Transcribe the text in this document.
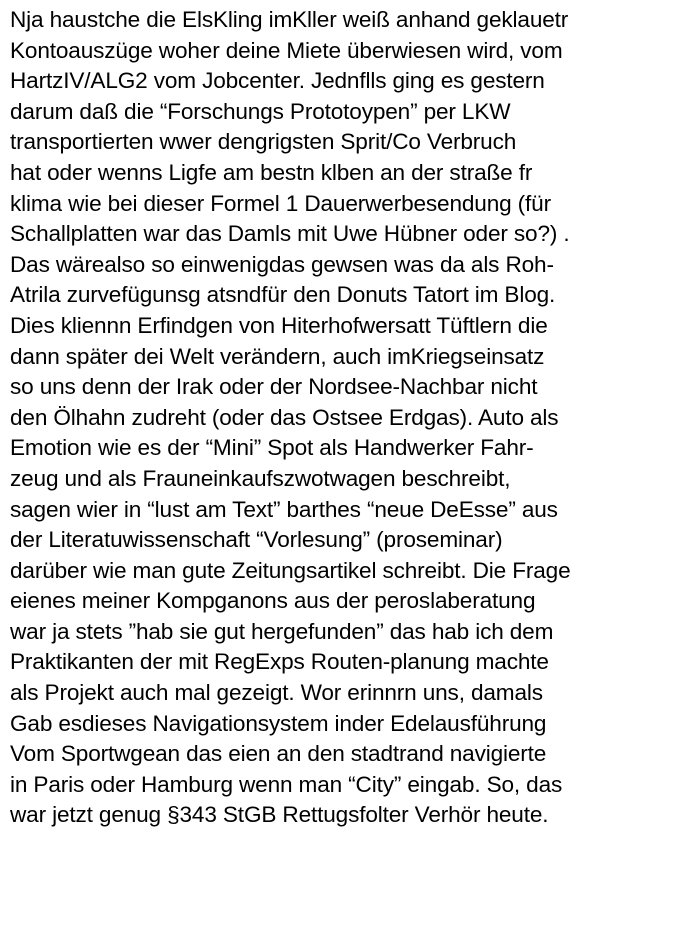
Nja haustche die ElsKling imKller weiß anhand geklauetr
Kontoauszüge woher deine Miete überwiesen wird, vom
HartzIV/ALG2 vom Jobcenter. Jednflls ging es gestern
darum daß die “Forschungs Prototoypen” per LKW
transportierten wwer dengrigsten Sprit/Co Verbruch
hat oder wenns Ligfe am bestn klben an der straße fr
klima wie bei dieser Formel 1 Dauerwerbesendung (für
Schallplatten war das Damls mit Uwe Hübner oder so?) .
Das wärealso so einwenigdas gewsen was da als Roh-
Atrila zurvefügunsg atsndfür den Donuts Tatort im Blog.
Dies kliennn Erfindgen von Hiterhofwersatt Tüftlern die
dann später dei Welt verändern, auch imKriegseinsatz
so uns denn der Irak oder der Nordsee-Nachbar nicht
den Ölhahn zudreht (oder das Ostsee Erdgas). Auto als
Emotion wie es der “Mini” Spot als Handwerker Fahr-
zeug und als Frauneinkaufszwotwagen beschreibt,
sagen wier in “lust am Text” barthes “neue DeEsse” aus
der Literatuwissenschaft “Vorlesung” (proseminar)
darüber wie man gute Zeitungsartikel schreibt. Die Frage
eienes meiner Kompganons aus der peroslaberatung
war ja stets ”hab sie gut hergefunden” das hab ich dem
Praktikanten der mit RegExps Routen-planung machte
als Projekt auch mal gezeigt. Wor erinnrn uns, damals
Gab esdieses Navigationsystem inder Edelausführung
Vom Sportwgean das eien an den stadtrand navigierte
in Paris oder Hamburg wenn man “City” eingab. So, das
war jetzt genug §343 StGB Rettugsfolter Verhör heute.
